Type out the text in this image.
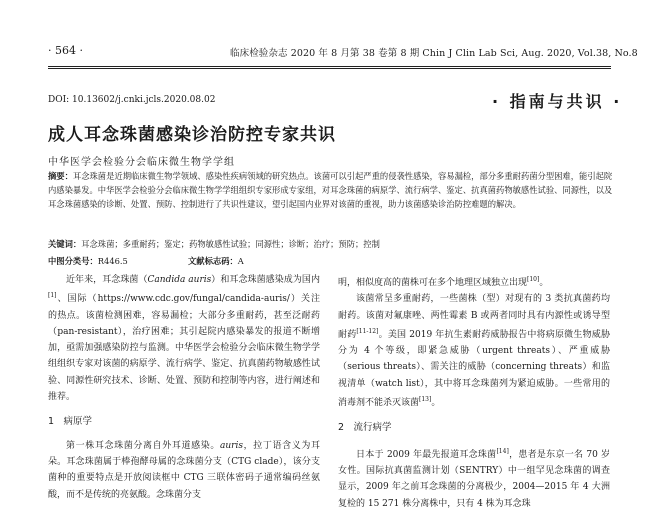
· 564 ·	临床检验杂志 2020 年 8 月第 38 卷第 8 期 Chin J Clin Lab Sci, Aug. 2020, Vol.38, No.8
DOI: 10.13602/j.cnki.jcls.2020.08.02	· 指南与共识 ·
成人耳念珠菌感染诊治防控专家共识
中华医学会检验分会临床微生物学学组
摘要：耳念珠菌是近期临床微生物学领域、感染性疾病领域的研究热点。该菌可以引起严重的侵袭性感染，容易漏检，部分多重耐药菌分型困难，能引起院内感染暴发。中华医学会检验分会临床微生物学学组组织专家形成专家组，对耳念珠菌的病原学、流行病学、鉴定、抗真菌药物敏感性试验、同源性，以及耳念珠菌感染的诊断、处置、预防、控制进行了共识性建议，望引起国内业界对该菌的重视，助力该菌感染诊治防控难题的解决。
关键词：耳念珠菌；多重耐药；鉴定；药物敏感性试验；同源性；诊断；治疗；预防；控制
中图分类号：R446.5	文献标志码：A

近年来，耳念珠菌（Candida auris）和耳念珠菌感染成为国内[1]、国际（https://www.cdc.gov/fungal/candida-auris/）关注的热点。该菌检测困难，容易漏检；大部分多重耐药，甚至泛耐药（pan-resistant），治疗困难；其引起院内感染暴发的报道不断增加，亟需加强感染防控与监测。中华医学会检验分会临床微生物学学组组织专家对该菌的病原学、流行病学、鉴定、抗真菌药物敏感性试验、同源性研究技术、诊断、处置、预防和控制等内容，进行阐述和推荐。

1　病原学

第一株耳念珠菌分离自外耳道感染。auris，拉丁语含义为耳朵。耳念珠菌属于棒孢酵母属的念珠菌分支（CTG clade），该分支菌种的重要特点是开放阅读框中 CTG 三联体密码子通常编码丝氨酸，而不是传统的亮氨酸。念珠菌分支

明，相似度高的菌株可在多个地理区域独立出现[10]。

该菌常呈多重耐药，一些菌株（型）对现有的 3 类抗真菌药均耐药。该菌对氟康唑、两性霉素 B 或两者同时具有内源性或诱导型耐药[11-12]。美国 2019 年抗生素耐药威胁报告中将病原微生物威胁分为 4 个等级，即紧急威胁（urgent threats）、严重威胁（serious threats）、需关注的威胁（concerning threats）和监视清单（watch list），其中将耳念珠菌列为紧迫威胁。一些常用的消毒剂不能杀灭该菌[13]。

2　流行病学

日本于 2009 年最先报道耳念珠菌[14]，患者是东京一名 70 岁女性。国际抗真菌监测计划（SENTRY）中一组罕见念珠菌的调查显示，2009 年之前耳念珠菌的分离极少，2004—2015 年 4 大洲复检的 15 271 株分离株中，只有 4 株为耳念珠
